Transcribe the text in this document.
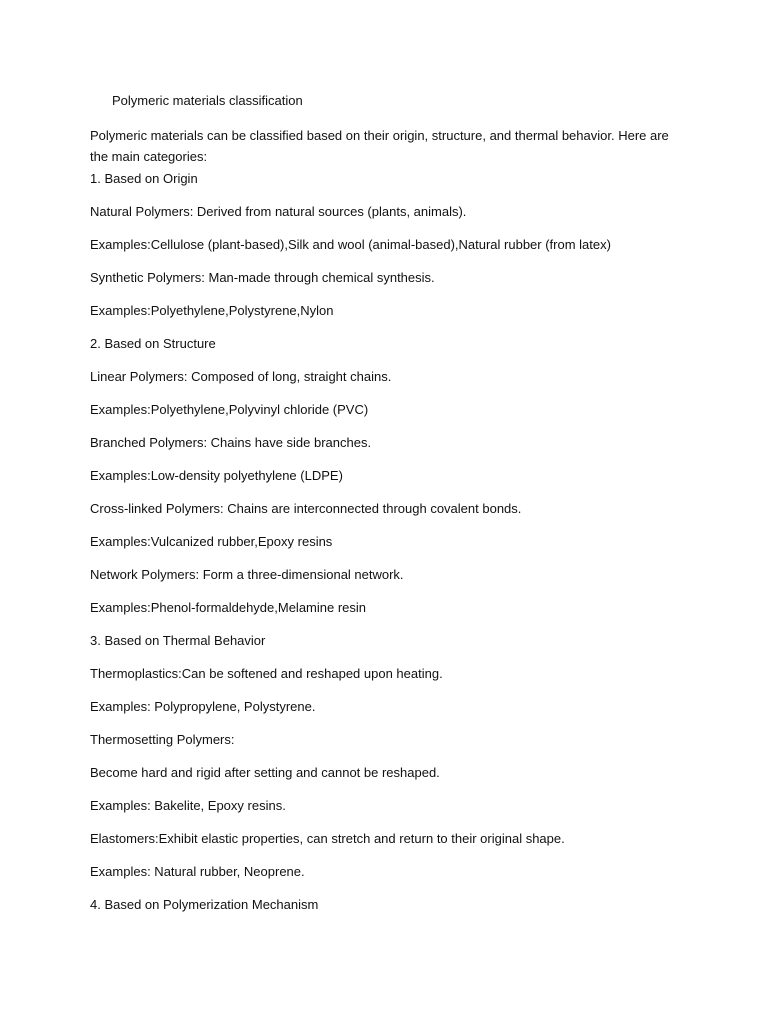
Polymeric materials classification

Polymeric materials can be classified based on their origin, structure, and thermal behavior. Here are the main categories:

1. Based on Origin
Natural Polymers: Derived from natural sources (plants, animals).
Examples:Cellulose (plant-based),Silk and wool (animal-based),Natural rubber (from latex)
Synthetic Polymers: Man-made through chemical synthesis.
Examples:Polyethylene,Polystyrene,Nylon
2. Based on Structure
Linear Polymers: Composed of long, straight chains.
Examples:Polyethylene,Polyvinyl chloride (PVC)
Branched Polymers: Chains have side branches.
Examples:Low-density polyethylene (LDPE)
Cross-linked Polymers: Chains are interconnected through covalent bonds.
Examples:Vulcanized rubber,Epoxy resins
Network Polymers: Form a three-dimensional network.
Examples:Phenol-formaldehyde,Melamine resin
3. Based on Thermal Behavior
Thermoplastics:Can be softened and reshaped upon heating.
Examples: Polypropylene, Polystyrene.
Thermosetting Polymers:
Become hard and rigid after setting and cannot be reshaped.
Examples: Bakelite, Epoxy resins.
Elastomers:Exhibit elastic properties, can stretch and return to their original shape.
Examples: Natural rubber, Neoprene.
4. Based on Polymerization Mechanism
